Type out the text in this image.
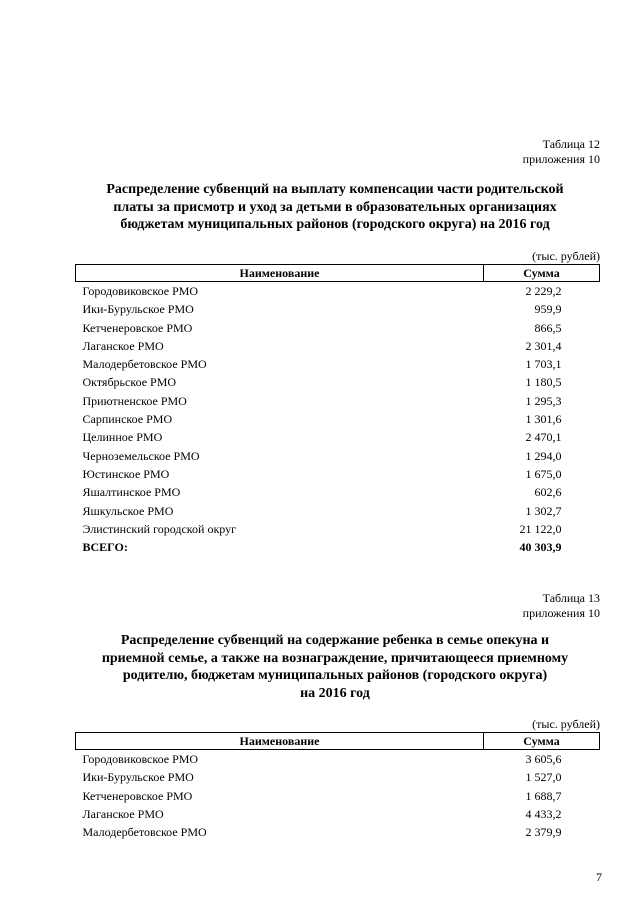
Таблица 12
приложения 10
Распределение субвенций на выплату компенсации части родительской
платы за присмотр и уход за детьми в образовательных организациях
бюджетам муниципальных районов (городского округа) на 2016 год
(тыс. рублей)
Наименование	Сумма
Городовиковское РМО	2 229,2
Ики-Бурульское РМО	959,9
Кетченеровское РМО	866,5
Лаганское РМО	2 301,4
Малодербетовское РМО	1 703,1
Октябрьское РМО	1 180,5
Приютненское РМО	1 295,3
Сарпинское РМО	1 301,6
Целинное РМО	2 470,1
Черноземельское РМО	1 294,0
Юстинское РМО	1 675,0
Яшалтинское РМО	602,6
Яшкульское РМО	1 302,7
Элистинский городской округ	21 122,0
ВСЕГО:	40 303,9
Таблица 13
приложения 10
Распределение субвенций на содержание ребенка в семье опекуна и
приемной семье, а также на вознаграждение, причитающееся приемному
родителю, бюджетам муниципальных районов (городского округа)
на 2016 год
(тыс. рублей)
Наименование	Сумма
Городовиковское РМО	3 605,6
Ики-Бурульское РМО	1 527,0
Кетченеровское РМО	1 688,7
Лаганское РМО	4 433,2
Малодербетовское РМО	2 379,9
7
